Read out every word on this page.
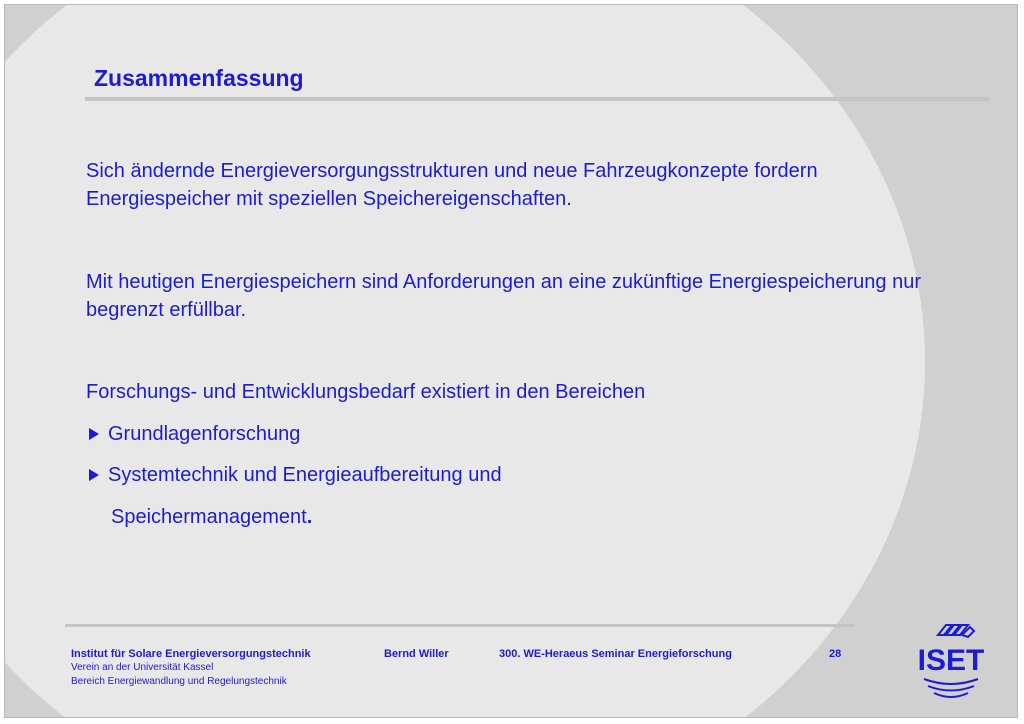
Zusammenfassung
Sich ändernde Energieversorgungsstrukturen und neue Fahrzeugkonzepte fordern Energiespeicher mit speziellen Speichereigenschaften.
Mit heutigen Energiespeichern sind Anforderungen an eine zukünftige Energiespeicherung nur begrenzt erfüllbar.
Forschungs- und Entwicklungsbedarf existiert in den Bereichen
Grundlagenforschung
Systemtechnik und Energieaufbereitung und
Speichermanagement.
Institut für Solare Energieversorgungstechnik
Verein an der Universität Kassel
Bereich Energiewandlung und Regelungstechnik
Bernd Willer	300. WE-Heraeus Seminar Energieforschung	28	ISET
